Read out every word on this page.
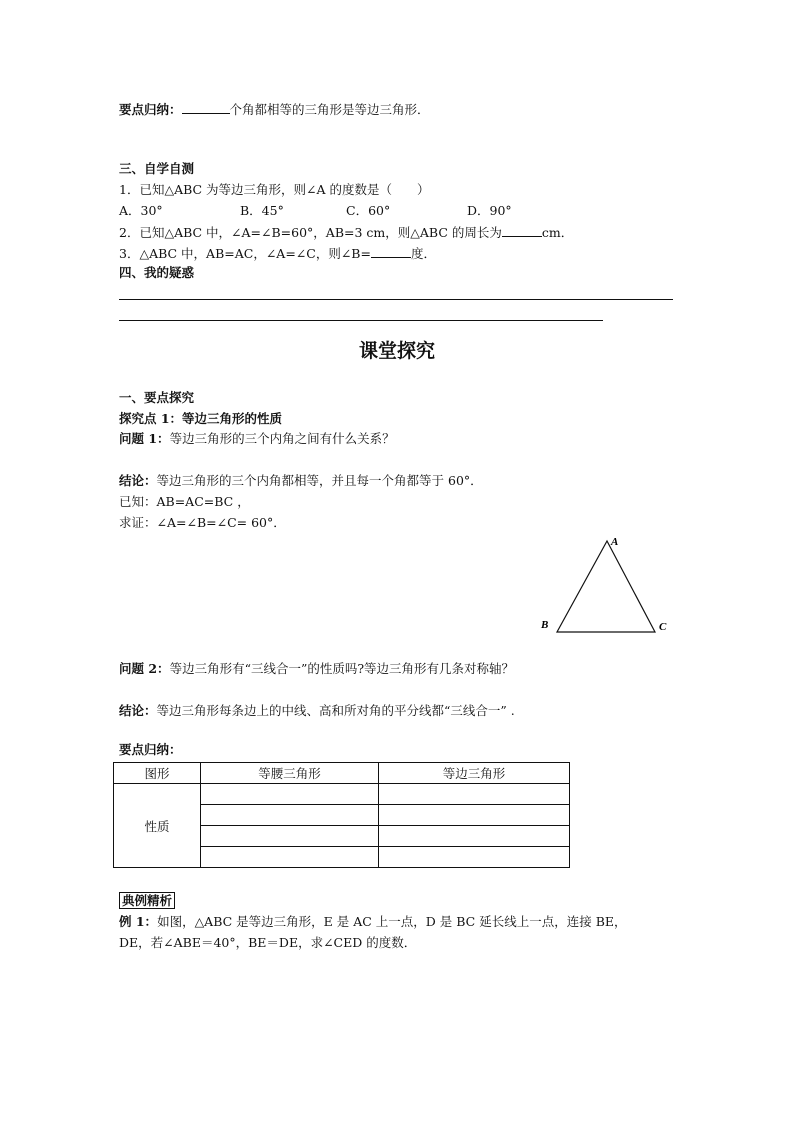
要点归纳：	个角都相等的三角形是等边三角形．
三、自学自测
1．已知△ABC 为等边三角形，则∠A 的度数是（　　）
A．30°	B．45°	C．60°	D．90°
2．已知△ABC 中，∠A=∠B=60°，AB=3 cm，则△ABC 的周长为	cm．
3．△ABC 中，AB=AC，∠A=∠C，则∠B=	度．
四、我的疑惑
课堂探究
一、要点探究
探究点 1：等边三角形的性质
问题 1：等边三角形的三个内角之间有什么关系？
结论：等边三角形的三个内角都相等，并且每一个角都等于 60°．
已知：AB=AC=BC ，
求证：∠A=∠B=∠C= 60°．
A
B	C
问题 2：等边三角形有“三线合一”的性质吗?等边三角形有几条对称轴？
结论：等边三角形每条边上的中线、高和所对角的平分线都“三线合一” .
要点归纳：
图形	等腰三角形	等边三角形
性质		

典例精析
例 1：如图，△ABC 是等边三角形，E 是 AC 上一点，D 是 BC 延长线上一点，连接 BE，
DE，若∠ABE＝40°，BE＝DE，求∠CED 的度数．
